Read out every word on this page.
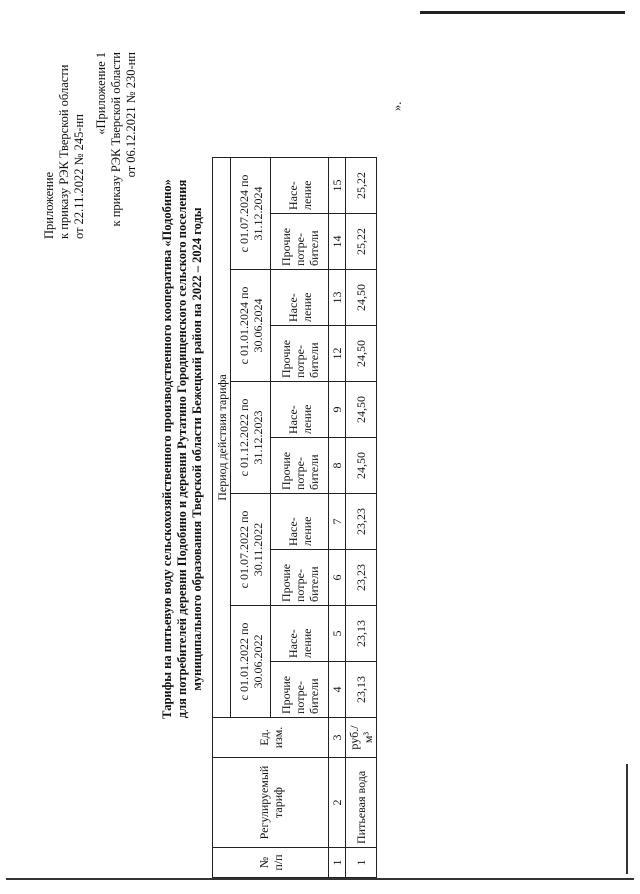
Приложение к приказу РЭК Тверской области от 22.11.2022 № 245-нп
«Приложение 1 к приказу РЭК Тверской области от 06.12.2021 № 230-нп
Тарифы на питьевую воду сельскохозяйственного производственного кооператива «Подобино» для потребителей деревни Подобино и деревни Рутатино Городищенского сельского поселения муниципального образования Тверской области Бежецкий район на 2022 – 2024 годы
№ п/п	Регулируемый тариф	Ед. изм.	Период действия тарифа									
			с 01.01.2022 по 30.06.2022		с 01.07.2022 по 30.11.2022		с 01.12.2022 по 31.12.2023		с 01.01.2024 по 30.06.2024		с 01.07.2024 по 31.12.2024	
			Прочие потре-бители	Насе-ление	Прочие потре-бители	Насе-ление	Прочие потре-бители	Насе-ление	Прочие потре-бители	Насе-ление	Прочие потре-бители	Насе-ление
1	2	3	4	5	6	7	8	9	12	13	14	15
1	Питьевая вода	руб./м³	23,13	23,13	23,23	23,23	24,50	24,50	24,50	24,50	25,22	25,22
».
